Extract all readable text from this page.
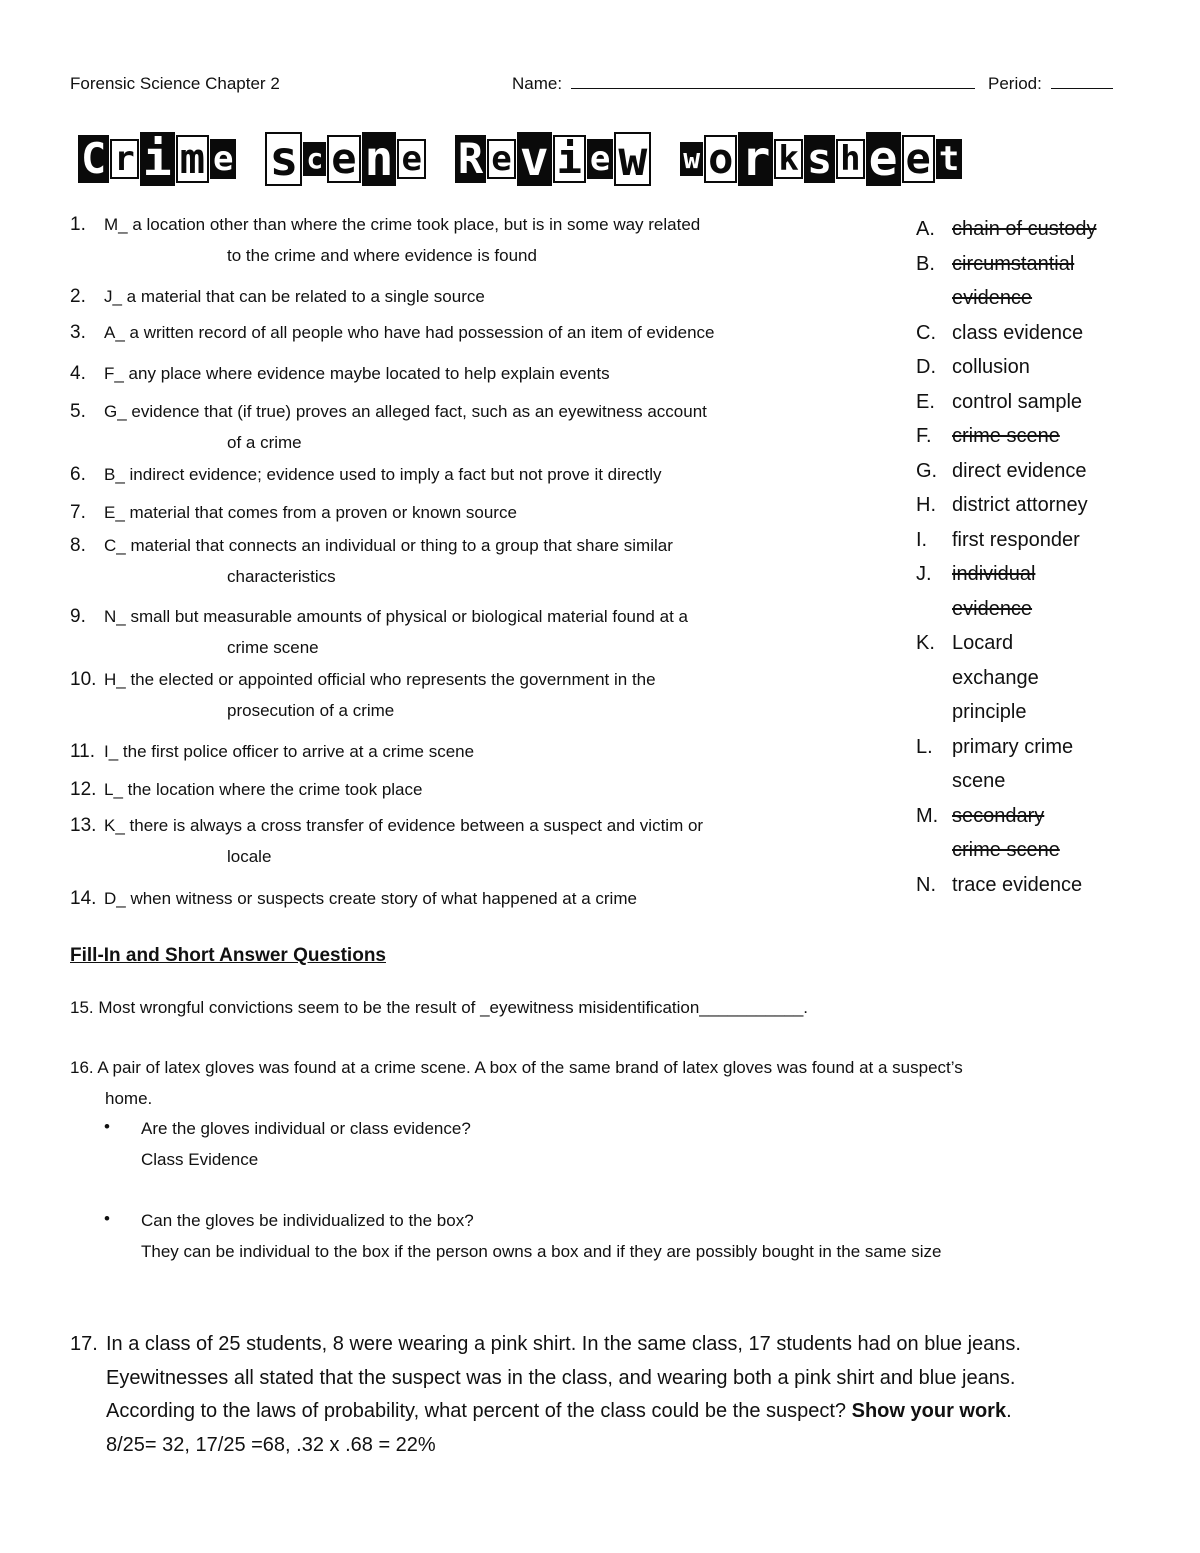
Forensic Science Chapter 2	Name:	Period:
C r i m e s c e n e R e v i e w w o r k s h e e t
1. M_ a location other than where the crime took place, but is in some way related
to the crime and where evidence is found
2. J_ a material that can be related to a single source
3. A_ a written record of all people who have had possession of an item of evidence
4. F_ any place where evidence maybe located to help explain events
5. G_ evidence that (if true) proves an alleged fact, such as an eyewitness account
of a crime
6. B_ indirect evidence; evidence used to imply a fact but not prove it directly
7. E_ material that comes from a proven or known source
8. C_ material that connects an individual or thing to a group that share similar
characteristics
9. N_ small but measurable amounts of physical or biological material found at a
crime scene
10. H_ the elected or appointed official who represents the government in the
prosecution of a crime
11. I_ the first police officer to arrive at a crime scene
12. L_ the location where the crime took place
13. K_ there is always a cross transfer of evidence between a suspect and victim or
locale
14. D_ when witness or suspects create story of what happened at a crime
A. chain of custody
B. circumstantial
evidence
C. class evidence
D. collusion
E. control sample
F. crime scene
G. direct evidence
H. district attorney
I. first responder
J. individual
evidence
K. Locard
exchange
principle
L. primary crime
scene
M. secondary
crime scene
N. trace evidence
Fill-In and Short Answer Questions
15. Most wrongful convictions seem to be the result of _eyewitness misidentification___________.
16. A pair of latex gloves was found at a crime scene. A box of the same brand of latex gloves was found at a suspect’s
home.
• Are the gloves individual or class evidence?
Class Evidence
• Can the gloves be individualized to the box?
They can be individual to the box if the person owns a box and if they are possibly bought in the same size
17. In a class of 25 students, 8 were wearing a pink shirt. In the same class, 17 students had on blue jeans.
Eyewitnesses all stated that the suspect was in the class, and wearing both a pink shirt and blue jeans.
According to the laws of probability, what percent of the class could be the suspect? Show your work.
8/25= 32, 17/25 =68, .32 x .68 = 22%
